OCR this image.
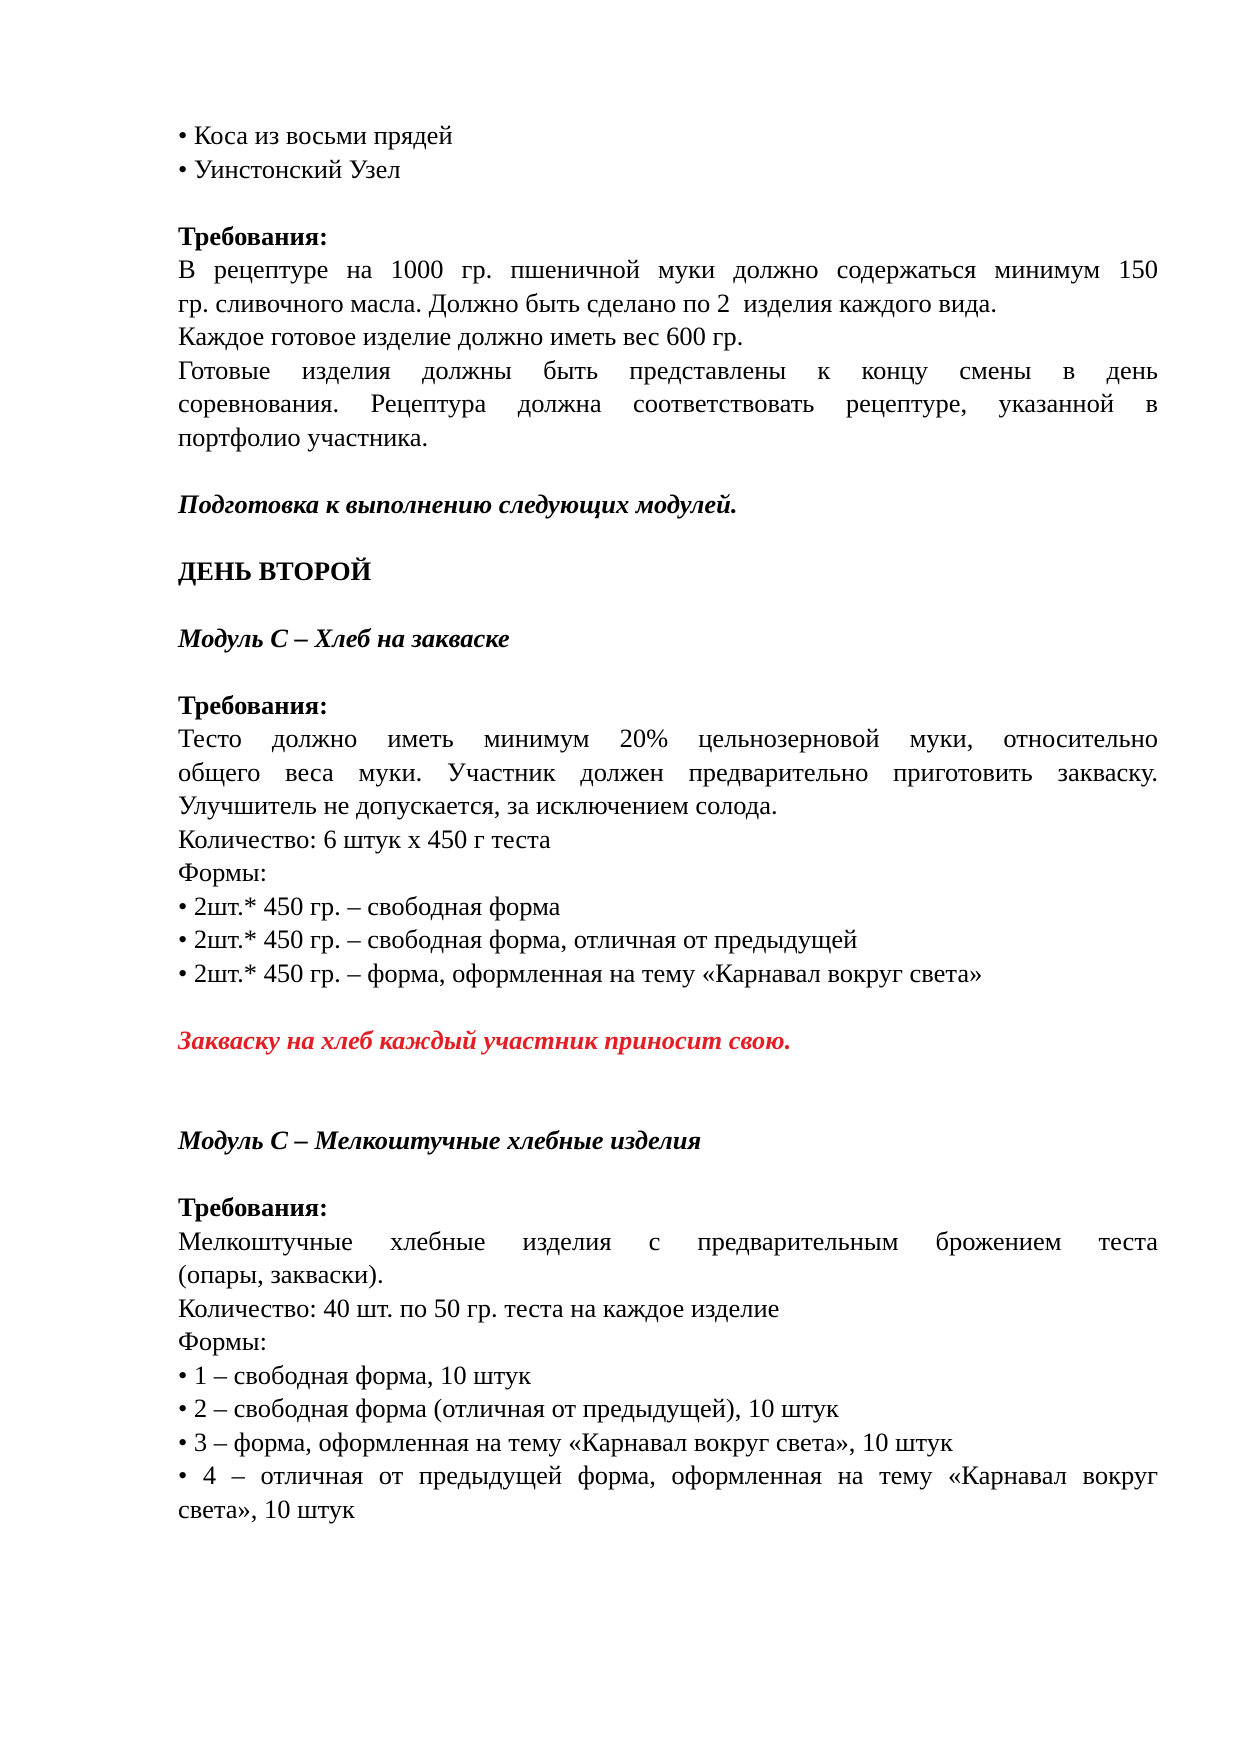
• Коса из восьми прядей
• Уинстонский Узел
Требования:
В рецептуре на 1000 гр. пшеничной муки должно содержаться минимум 150
гр. сливочного масла. Должно быть сделано по 2  изделия каждого вида.
Каждое готовое изделие должно иметь вес 600 гр.
Готовые изделия должны быть представлены к концу смены в день
соревнования. Рецептура должна соответствовать рецептуре, указанной в
портфолио участника.
Подготовка к выполнению следующих модулей.
ДЕНЬ ВТОРОЙ
Модуль С – Хлеб на закваске
Требования:
Тесто должно иметь минимум 20% цельнозерновой муки, относительно
общего веса муки. Участник должен предварительно приготовить закваску.
Улучшитель не допускается, за исключением солода.
Количество: 6 штук х 450 г теста
Формы:
• 2шт.* 450 гр. – свободная форма
• 2шт.* 450 гр. – свободная форма, отличная от предыдущей
• 2шт.* 450 гр. – форма, оформленная на тему «Карнавал вокруг света»
Закваску на хлеб каждый участник приносит свою.
Модуль С – Мелкоштучные хлебные изделия
Требования:
Мелкоштучные хлебные изделия с предварительным брожением теста
(опары, закваски).
Количество: 40 шт. по 50 гр. теста на каждое изделие
Формы:
• 1 – свободная форма, 10 штук
• 2 – свободная форма (отличная от предыдущей), 10 штук
• 3 – форма, оформленная на тему «Карнавал вокруг света», 10 штук
• 4 – отличная от предыдущей форма, оформленная на тему «Карнавал вокруг
света», 10 штук
